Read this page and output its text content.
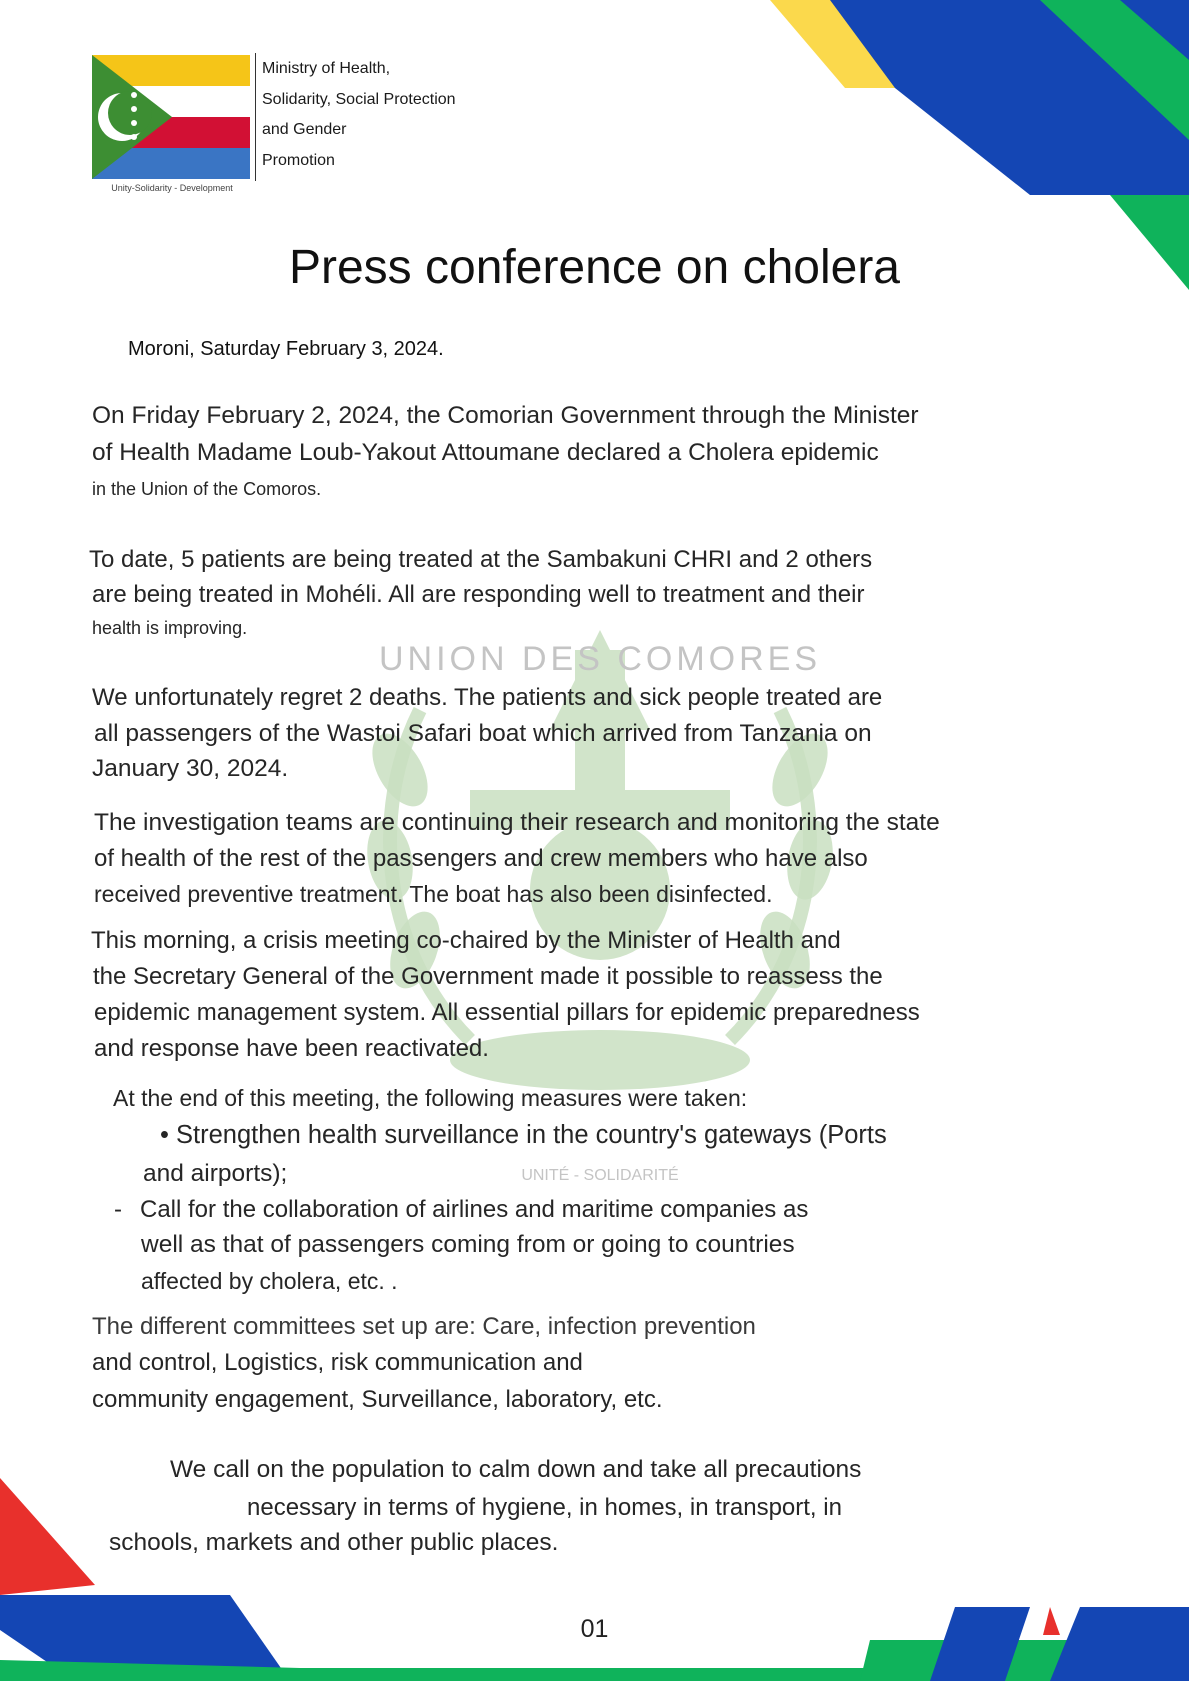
UNION DES COMORES
UNITÉ - SOLIDARITÉ
Unity-Solidarity - Development
Ministry of Health,
Solidarity, Social Protection
and Gender
Promotion
Press conference on cholera
Moroni, Saturday February 3, 2024.
On Friday February 2, 2024, the Comorian Government through the Minister
of Health Madame Loub-Yakout Attoumane declared a Cholera epidemic
in the Union of the Comoros.
To date, 5 patients are being treated at the Sambakuni CHRI and 2 others
are being treated in Mohéli. All are responding well to treatment and their
health is improving.
We unfortunately regret 2 deaths. The patients and sick people treated are
all passengers of the Wastoi Safari boat which arrived from Tanzania on
January 30, 2024.
The investigation teams are continuing their research and monitoring the state
of health of the rest of the passengers and crew members who have also
received preventive treatment. The boat has also been disinfected.
This morning, a crisis meeting co-chaired by the Minister of Health and
the Secretary General of the Government made it possible to reassess the
epidemic management system. All essential pillars for epidemic preparedness
and response have been reactivated.
At the end of this meeting, the following measures were taken:
• Strengthen health surveillance in the country's gateways (Ports
and airports);
- Call for the collaboration of airlines and maritime companies as
well as that of passengers coming from or going to countries
affected by cholera, etc. .
The different committees set up are: Care, infection prevention
and control, Logistics, risk communication and
community engagement, Surveillance, laboratory, etc.
We call on the population to calm down and take all precautions
necessary in terms of hygiene, in homes, in transport, in
schools, markets and other public places.
01
